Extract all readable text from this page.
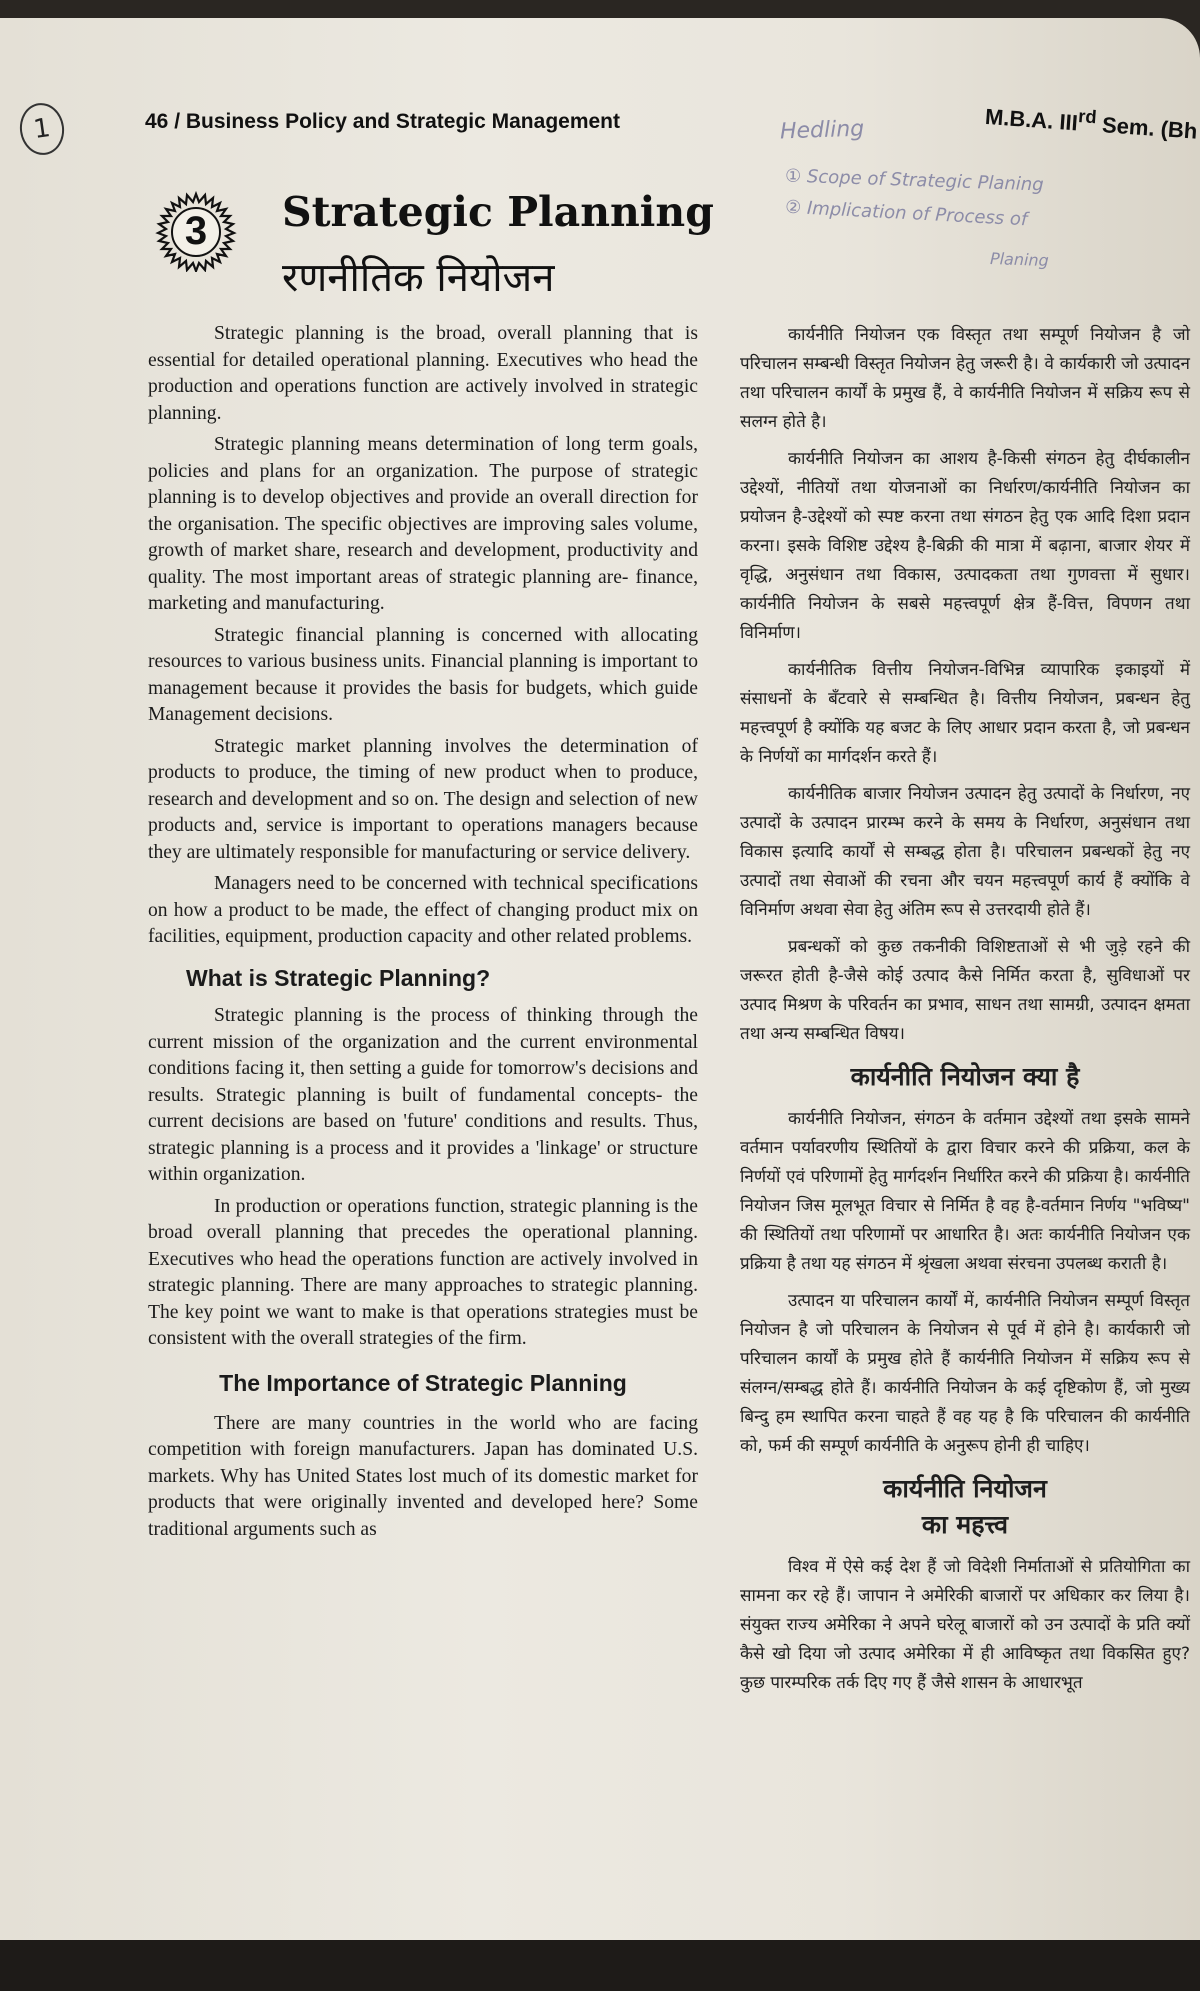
1	46 / Business Policy and Strategic Management	M.B.A. IIIrd Sem. (Bh
Hedling
① Scope of Strategic Planing
② Implication of Process of
Planing
3	Strategic Planning
रणनीतिक नियोजन

Strategic planning is the broad, overall planning that is essential for detailed operational planning. Executives who head the production and operations function are actively involved in strategic planning.

Strategic planning means determination of long term goals, policies and plans for an organization. The purpose of strategic planning is to develop objectives and provide an overall direction for the organisation. The specific objectives are improving sales volume, growth of market share, research and development, productivity and quality. The most important areas of strategic planning are- finance, marketing and manufacturing.

Strategic financial planning is concerned with allocating resources to various business units. Financial planning is important to management because it provides the basis for budgets, which guide Management decisions.

Strategic market planning involves the determination of products to produce, the timing of new product when to produce, research and development and so on. The design and selection of new products and, service is important to operations managers because they are ultimately responsible for manufacturing or service delivery.

Managers need to be concerned with technical specifications on how a product to be made, the effect of changing product mix on facilities, equipment, production capacity and other related problems.

What is Strategic Planning?

Strategic planning is the process of thinking through the current mission of the organization and the current environmental conditions facing it, then setting a guide for tomorrow's decisions and results. Strategic planning is built of fundamental concepts- the current decisions are based on 'future' conditions and results. Thus, strategic planning is a process and it provides a 'linkage' or structure within organization.

In production or operations function, strategic planning is the broad overall planning that precedes the operational planning. Executives who head the operations function are actively involved in strategic planning. There are many approaches to strategic planning. The key point we want to make is that operations strategies must be consistent with the overall strategies of the firm.

The Importance of Strategic Planning

There are many countries in the world who are facing competition with foreign manufacturers. Japan has dominated U.S. markets. Why has United States lost much of its domestic market for products that were originally invented and developed here? Some traditional arguments such as

कार्यनीति नियोजन एक विस्तृत तथा सम्पूर्ण नियोजन है जो परिचालन सम्बन्धी विस्तृत नियोजन हेतु जरूरी है। वे कार्यकारी जो उत्पादन तथा परिचालन कार्यों के प्रमुख हैं, वे कार्यनीति नियोजन में सक्रिय रूप से सलग्न होते है।

कार्यनीति नियोजन का आशय है-किसी संगठन हेतु दीर्घकालीन उद्देश्यों, नीतियों तथा योजनाओं का निर्धारण/कार्यनीति नियोजन का प्रयोजन है-उद्देश्यों को स्पष्ट करना तथा संगठन हेतु एक आदि दिशा प्रदान करना। इसके विशिष्ट उद्देश्य है-बिक्री की मात्रा में बढ़ाना, बाजार शेयर में वृद्धि, अनुसंधान तथा विकास, उत्पादकता तथा गुणवत्ता में सुधार। कार्यनीति नियोजन के सबसे महत्त्वपूर्ण क्षेत्र हैं-वित्त, विपणन तथा विनिर्माण।

कार्यनीतिक वित्तीय नियोजन-विभिन्न व्यापारिक इकाइयों में संसाधनों के बँटवारे से सम्बन्धित है। वित्तीय नियोजन, प्रबन्धन हेतु महत्त्वपूर्ण है क्योंकि यह बजट के लिए आधार प्रदान करता है, जो प्रबन्धन के निर्णयों का मार्गदर्शन करते हैं।

कार्यनीतिक बाजार नियोजन उत्पादन हेतु उत्पादों के निर्धारण, नए उत्पादों के उत्पादन प्रारम्भ करने के समय के निर्धारण, अनुसंधान तथा विकास इत्यादि कार्यों से सम्बद्ध होता है। परिचालन प्रबन्धकों हेतु नए उत्पादों तथा सेवाओं की रचना और चयन महत्त्वपूर्ण कार्य हैं क्योंकि वे विनिर्माण अथवा सेवा हेतु अंतिम रूप से उत्तरदायी होते हैं।

प्रबन्धकों को कुछ तकनीकी विशिष्टताओं से भी जुड़े रहने की जरूरत होती है-जैसे कोई उत्पाद कैसे निर्मित करता है, सुविधाओं पर उत्पाद मिश्रण के परिवर्तन का प्रभाव, साधन तथा सामग्री, उत्पादन क्षमता तथा अन्य सम्बन्धित विषय।

कार्यनीति नियोजन क्या है

कार्यनीति नियोजन, संगठन के वर्तमान उद्देश्यों तथा इसके सामने वर्तमान पर्यावरणीय स्थितियों के द्वारा विचार करने की प्रक्रिया, कल के निर्णयों एवं परिणामों हेतु मार्गदर्शन निर्धारित करने की प्रक्रिया है। कार्यनीति नियोजन जिस मूलभूत विचार से निर्मित है वह है-वर्तमान निर्णय "भविष्य" की स्थितियों तथा परिणामों पर आधारित है। अतः कार्यनीति नियोजन एक प्रक्रिया है तथा यह संगठन में श्रृंखला अथवा संरचना उपलब्ध कराती है।

उत्पादन या परिचालन कार्यों में, कार्यनीति नियोजन सम्पूर्ण विस्तृत नियोजन है जो परिचालन के नियोजन से पूर्व में होने है। कार्यकारी जो परिचालन कार्यों के प्रमुख होते हैं कार्यनीति नियोजन में सक्रिय रूप से संलग्न/सम्बद्ध होते हैं। कार्यनीति नियोजन के कई दृष्टिकोण हैं, जो मुख्य बिन्दु हम स्थापित करना चाहते हैं वह यह है कि परिचालन की कार्यनीति को, फर्म की सम्पूर्ण कार्यनीति के अनुरूप होनी ही चाहिए।

कार्यनीति नियोजन
का महत्त्व

विश्व में ऐसे कई देश हैं जो विदेशी निर्माताओं से प्रतियोगिता का सामना कर रहे हैं। जापान ने अमेरिकी बाजारों पर अधिकार कर लिया है। संयुक्त राज्य अमेरिका ने अपने घरेलू बाजारों को उन उत्पादों के प्रति क्यों कैसे खो दिया जो उत्पाद अमेरिका में ही आविष्कृत तथा विकसित हुए? कुछ पारम्परिक तर्क दिए गए हैं जैसे शासन के आधारभूत
